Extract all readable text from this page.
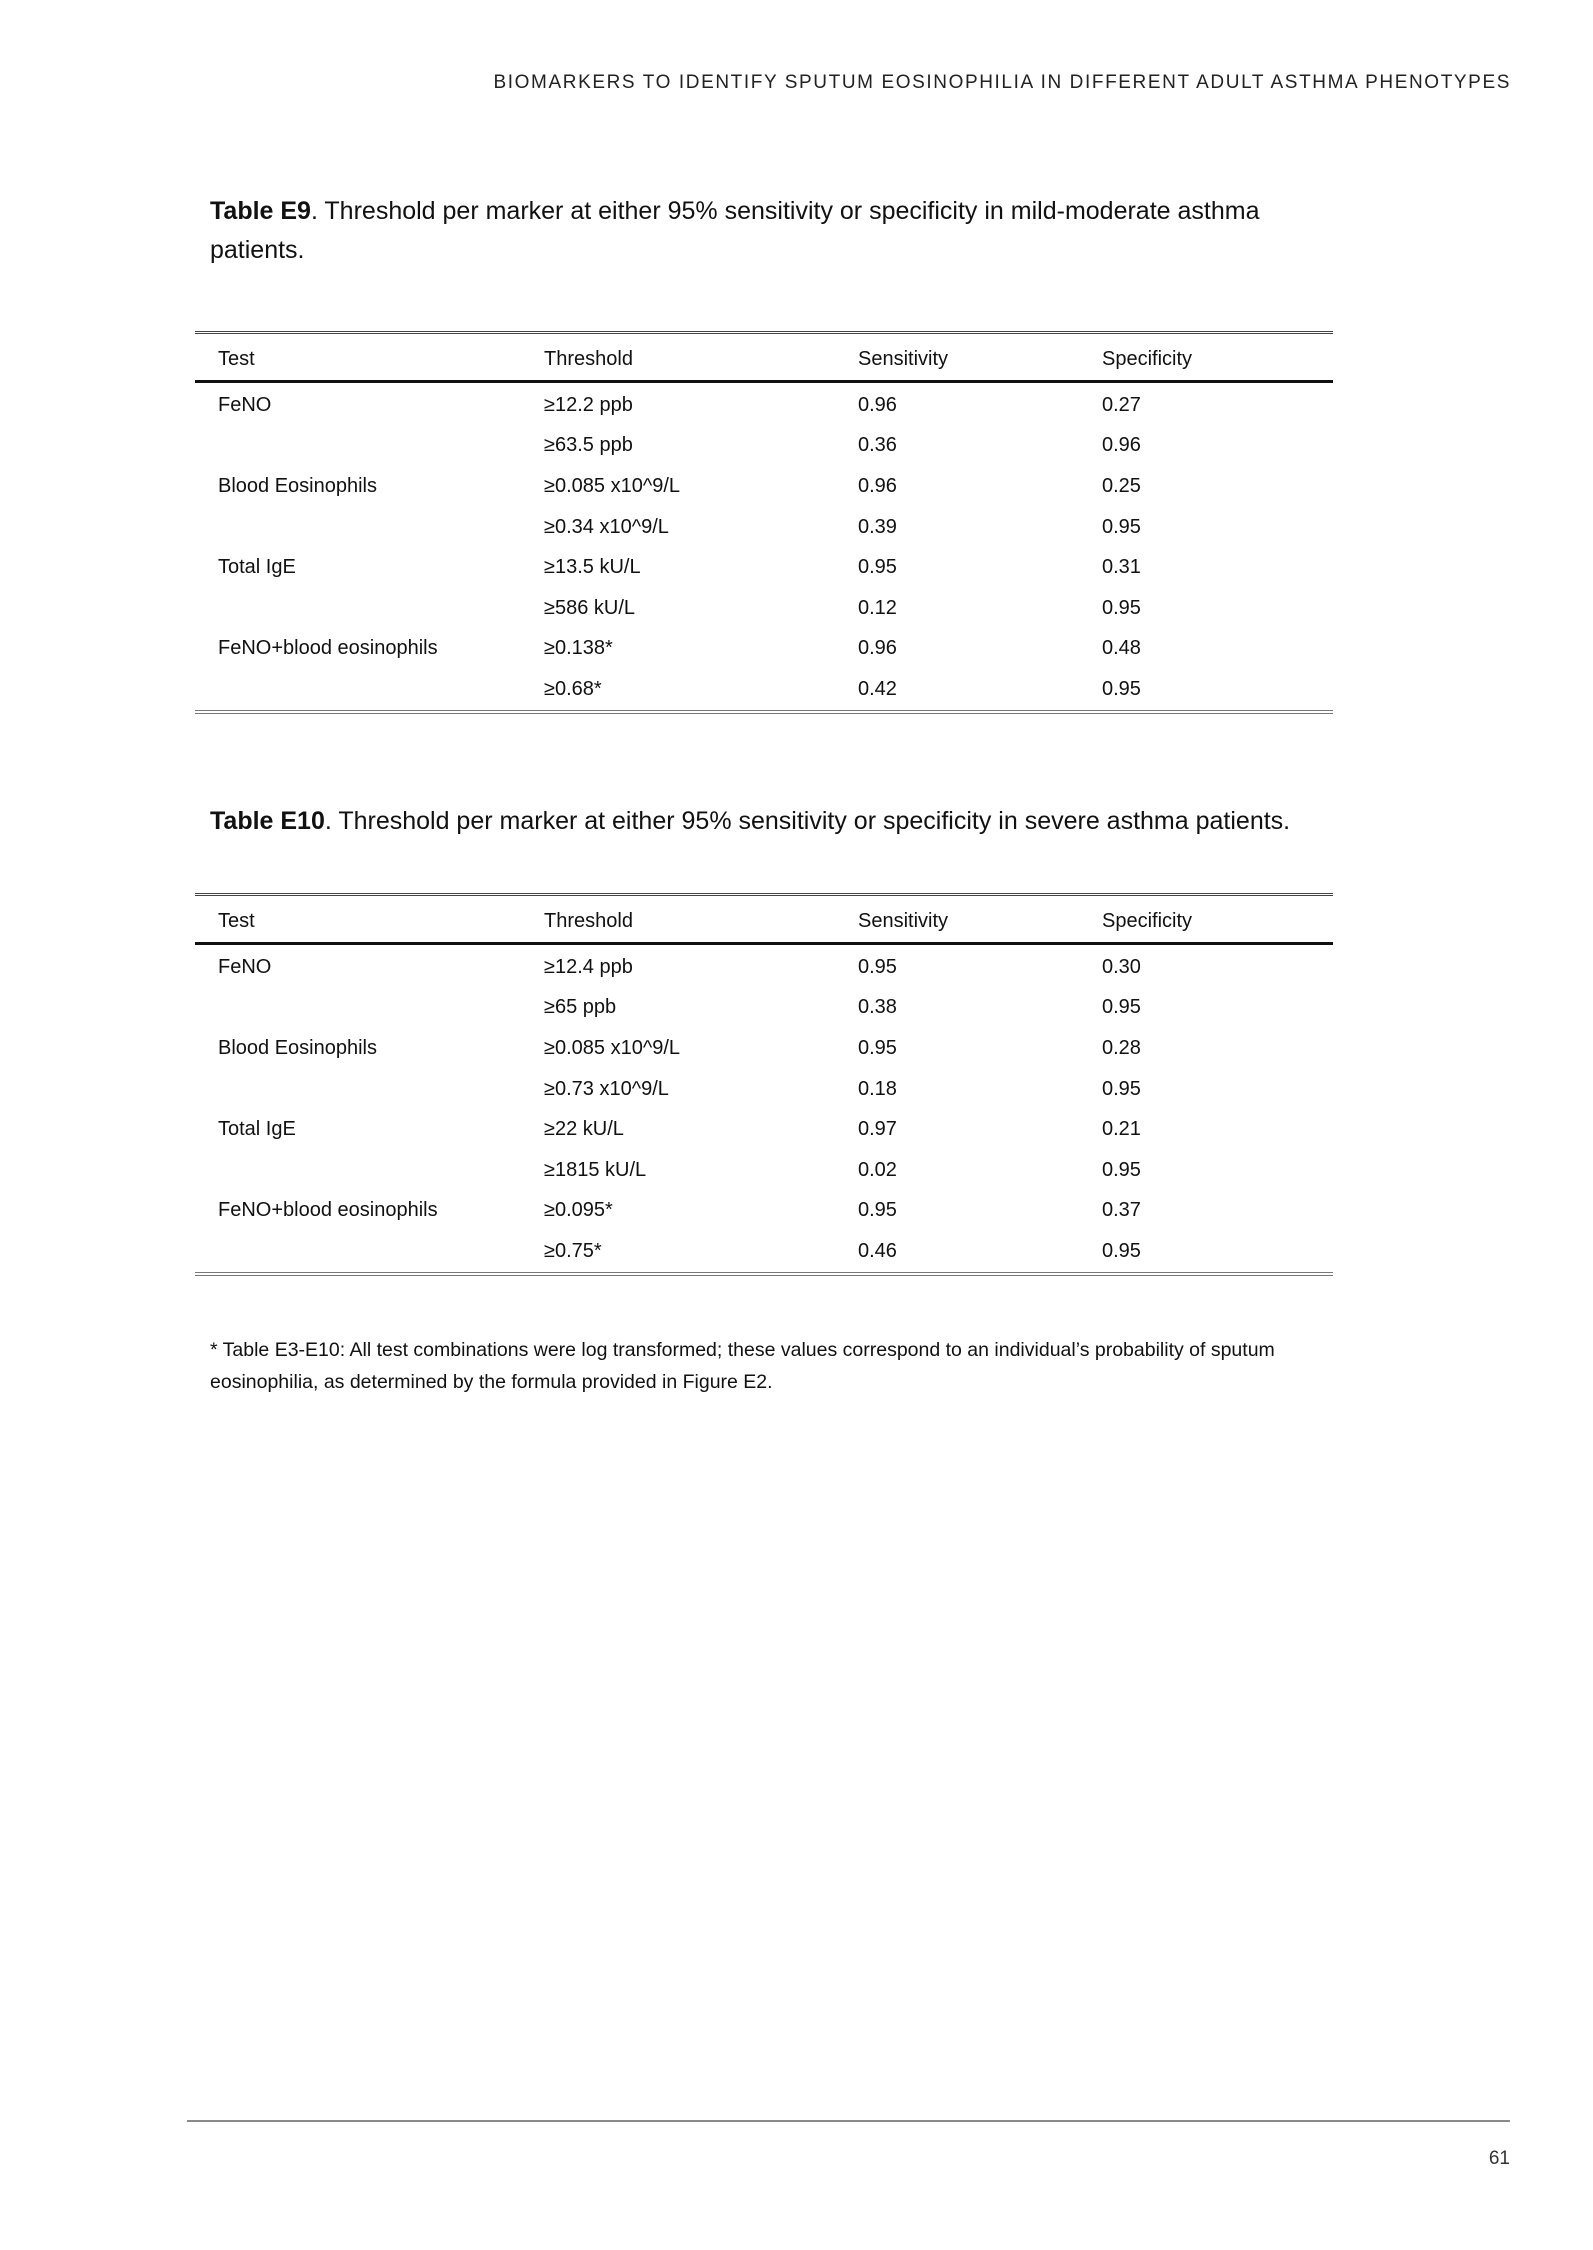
BIOMARKERS TO IDENTIFY SPUTUM EOSINOPHILIA IN DIFFERENT ADULT ASTHMA PHENOTYPES
Table E9. Threshold per marker at either 95% sensitivity or specificity in mild-moderate asthma patients.
Test	Threshold	Sensitivity	Specificity
FeNO	≥12.2 ppb	0.96	0.27
	≥63.5 ppb	0.36	0.96
Blood Eosinophils	≥0.085 x10^9/L	0.96	0.25
	≥0.34 x10^9/L	0.39	0.95
Total IgE	≥13.5 kU/L	0.95	0.31
	≥586 kU/L	0.12	0.95
FeNO+blood eosinophils	≥0.138*	0.96	0.48
	≥0.68*	0.42	0.95
Table E10. Threshold per marker at either 95% sensitivity or specificity in severe asthma patients.
Test	Threshold	Sensitivity	Specificity
FeNO	≥12.4 ppb	0.95	0.30
	≥65 ppb	0.38	0.95
Blood Eosinophils	≥0.085 x10^9/L	0.95	0.28
	≥0.73 x10^9/L	0.18	0.95
Total IgE	≥22 kU/L	0.97	0.21
	≥1815 kU/L	0.02	0.95
FeNO+blood eosinophils	≥0.095*	0.95	0.37
	≥0.75*	0.46	0.95
* Table E3-E10: All test combinations were log transformed; these values correspond to an individual’s probability of sputum eosinophilia, as determined by the formula provided in Figure E2.
61
